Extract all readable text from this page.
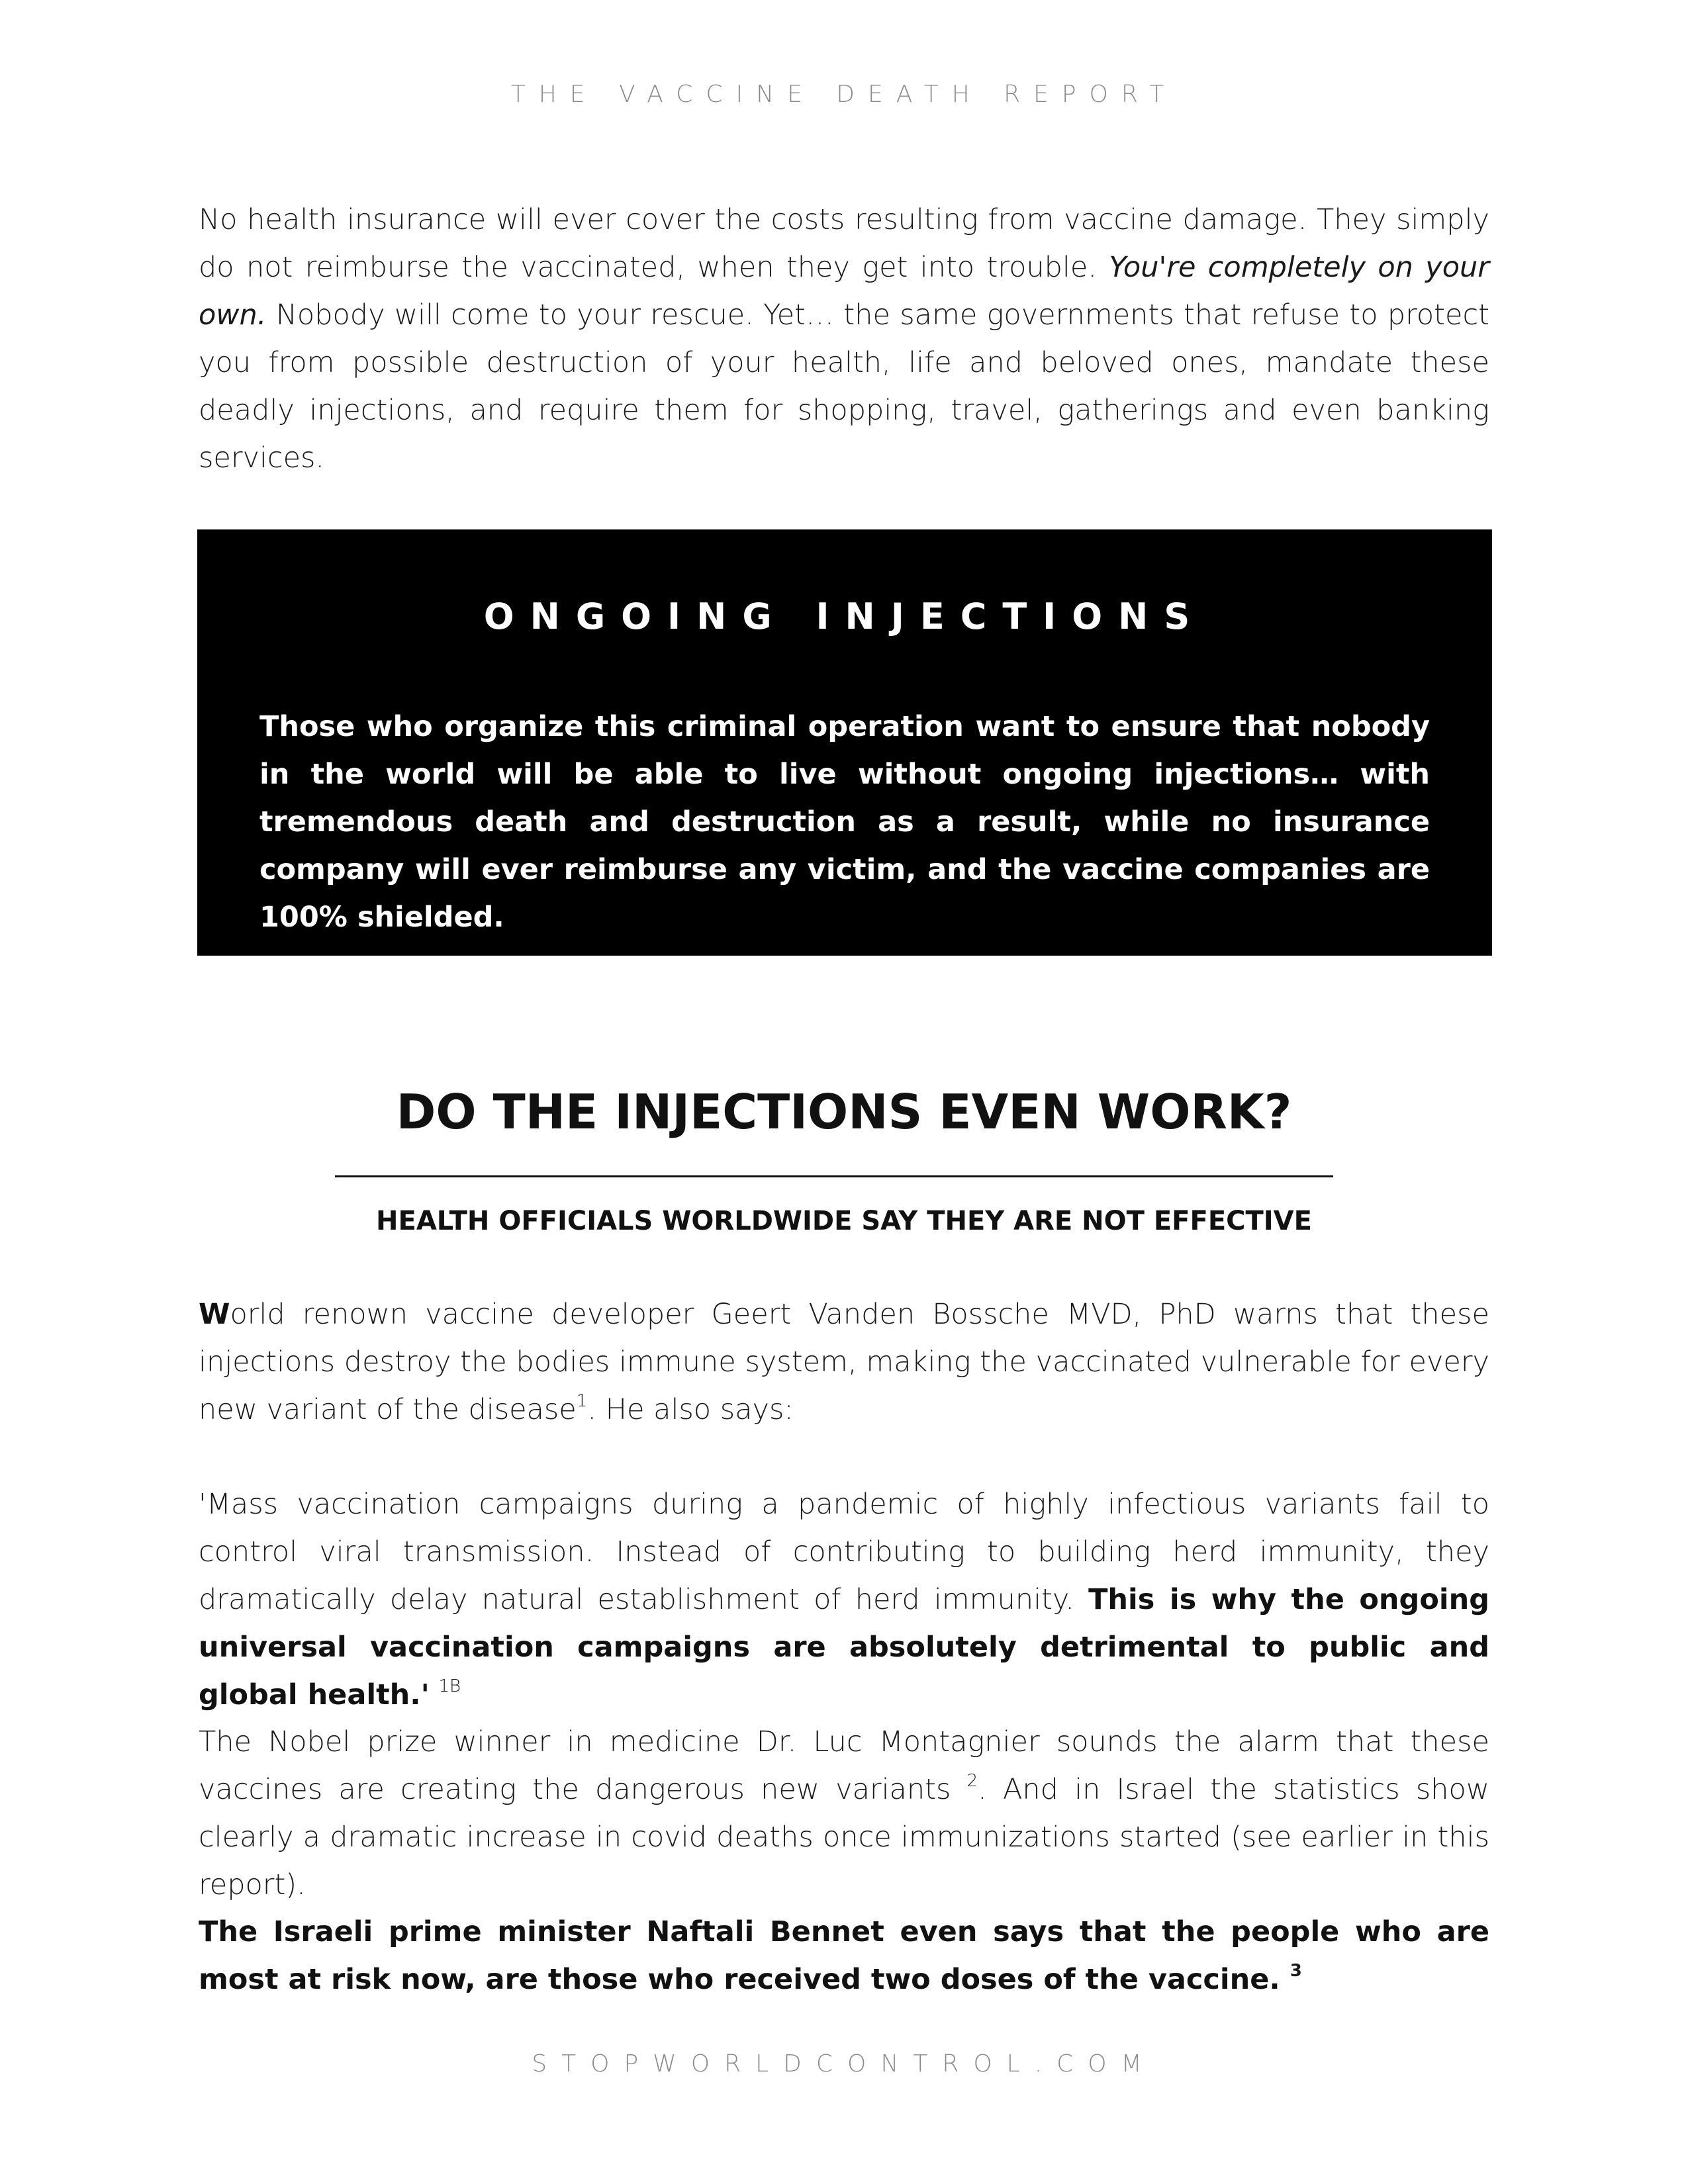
THE VACCINE DEATH REPORT

No health insurance will ever cover the costs resulting from vaccine damage. They simply do not reimburse the vaccinated, when they get into trouble. You're completely on your own. Nobody will come to your rescue. Yet… the same governments that refuse to protect you from possible destruction of your health, life and beloved ones, mandate these deadly injections, and require them for shopping, travel, gatherings and even banking services.

ONGOING INJECTIONS

Those who organize this criminal operation want to ensure that nobody in the world will be able to live without ongoing injections… with tremendous death and destruction as a result, while no insurance company will ever reimburse any victim, and the vaccine companies are 100% shielded.

DO THE INJECTIONS EVEN WORK?
HEALTH OFFICIALS WORLDWIDE SAY THEY ARE NOT EFFECTIVE

World renown vaccine developer Geert Vanden Bossche MVD, PhD warns that these injections destroy the bodies immune system, making the vaccinated vulnerable for every new variant of the disease$^1$. He also says:

'Mass vaccination campaigns during a pandemic of highly infectious variants fail to control viral transmission. Instead of contributing to building herd immunity, they dramatically delay natural establishment of herd immunity. This is why the ongoing universal vaccination campaigns are absolutely detrimental to public and global health.' $^{1B}$

The Nobel prize winner in medicine Dr. Luc Montagnier sounds the alarm that these vaccines are creating the dangerous new variants $^2$. And in Israel the statistics show clearly a dramatic increase in covid deaths once immunizations started (see earlier in this report).

The Israeli prime minister Naftali Bennet even says that the people who are most at risk now, are those who received two doses of the vaccine. $^3$

STOPWORLDCONTROL.COM
